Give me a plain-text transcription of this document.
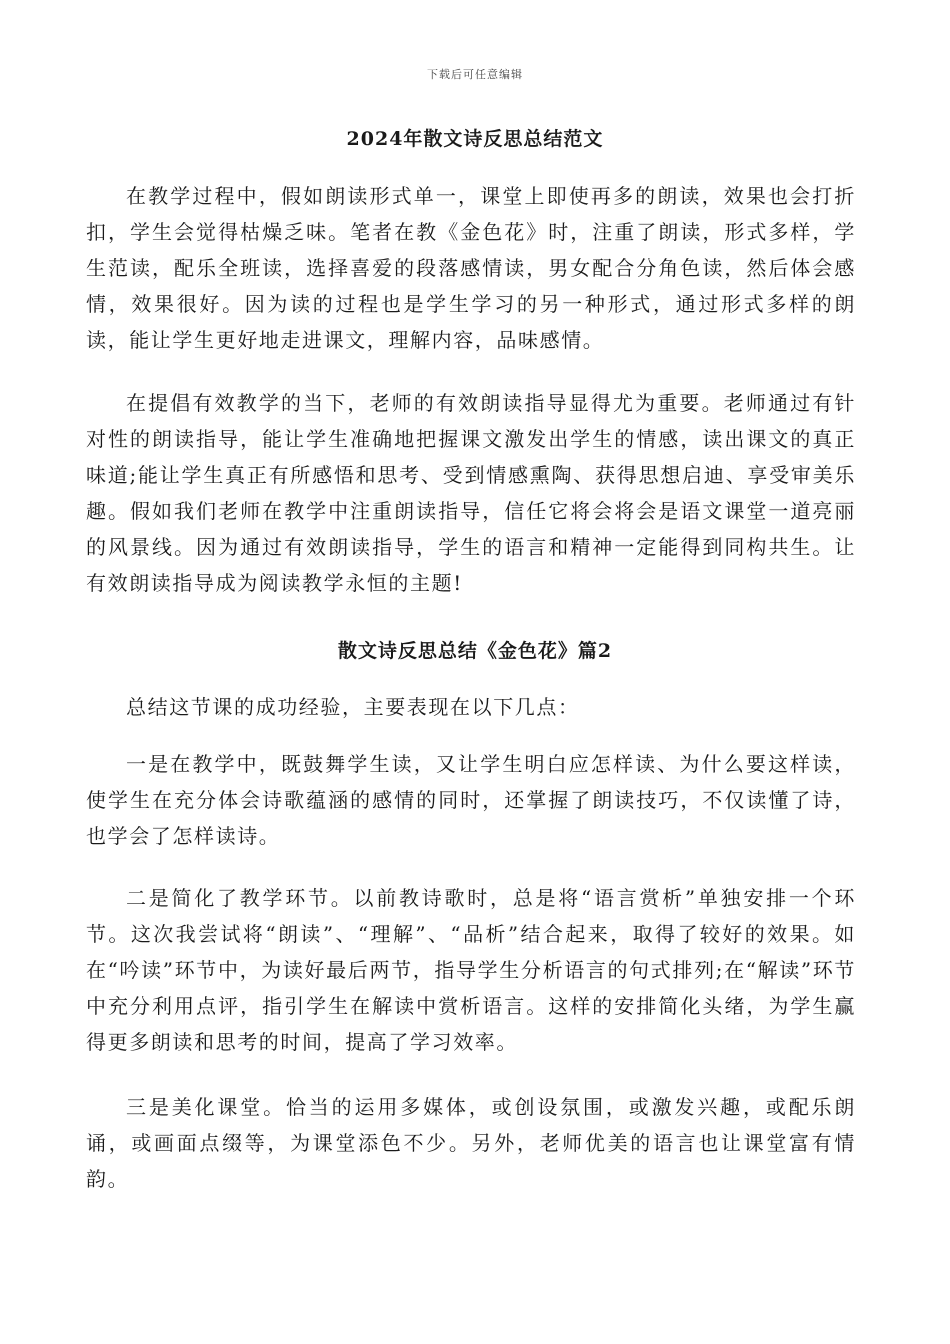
下载后可任意编辑
2024年散文诗反思总结范文

在教学过程中，假如朗读形式单一，课堂上即使再多的朗读，效果也会打折扣，学生会觉得枯燥乏味。笔者在教《金色花》时，注重了朗读，形式多样，学生范读，配乐全班读，选择喜爱的段落感情读，男女配合分角色读，然后体会感情，效果很好。因为读的过程也是学生学习的另一种形式，通过形式多样的朗读，能让学生更好地走进课文，理解内容，品味感情。

在提倡有效教学的当下，老师的有效朗读指导显得尤为重要。老师通过有针对性的朗读指导，能让学生准确地把握课文激发出学生的情感，读出课文的真正味道;能让学生真正有所感悟和思考、受到情感熏陶、获得思想启迪、享受审美乐趣。假如我们老师在教学中注重朗读指导，信任它将会将会是语文课堂一道亮丽的风景线。因为通过有效朗读指导，学生的语言和精神一定能得到同构共生。让有效朗读指导成为阅读教学永恒的主题!

散文诗反思总结《金色花》篇2

总结这节课的成功经验，主要表现在以下几点：

一是在教学中，既鼓舞学生读，又让学生明白应怎样读、为什么要这样读，使学生在充分体会诗歌蕴涵的感情的同时，还掌握了朗读技巧，不仅读懂了诗，也学会了怎样读诗。

二是简化了教学环节。以前教诗歌时，总是将“语言赏析”单独安排一个环节。这次我尝试将“朗读”、“理解”、“品析”结合起来，取得了较好的效果。如在“吟读”环节中，为读好最后两节，指导学生分析语言的句式排列;在“解读”环节中充分利用点评，指引学生在解读中赏析语言。这样的安排简化头绪，为学生赢得更多朗读和思考的时间，提高了学习效率。

三是美化课堂。恰当的运用多媒体，或创设氛围，或激发兴趣，或配乐朗诵，或画面点缀等，为课堂添色不少。另外，老师优美的语言也让课堂富有情韵。
